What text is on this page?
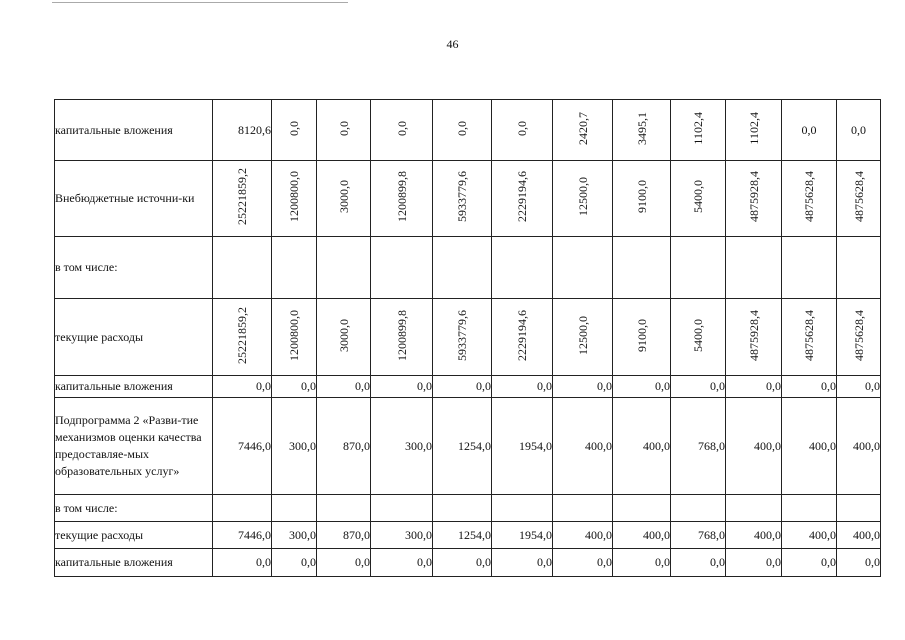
46
капитальные вложения	8120,6	0,0	0,0	0,0	0,0	0,0	2420,7	3495,1	1102,4	1102,4	0,0	0,0
Внебюджетные источни-ки	25221859,2	1200800,0	3000,0	1200899,8	5933779,6	2229194,6	12500,0	9100,0	5400,0	4875928,4	4875628,4	4875628,4
в том числе:												
текущие расходы	25221859,2	1200800,0	3000,0	1200899,8	5933779,6	2229194,6	12500,0	9100,0	5400,0	4875928,4	4875628,4	4875628,4
капитальные вложения	0,0	0,0	0,0	0,0	0,0	0,0	0,0	0,0	0,0	0,0	0,0	0,0
Подпрограмма 2 «Разви-тие механизмов оценки качества предоставляе-мых образовательных услуг»	7446,0	300,0	870,0	300,0	1254,0	1954,0	400,0	400,0	768,0	400,0	400,0	400,0
в том числе:												
текущие расходы	7446,0	300,0	870,0	300,0	1254,0	1954,0	400,0	400,0	768,0	400,0	400,0	400,0
капитальные вложения	0,0	0,0	0,0	0,0	0,0	0,0	0,0	0,0	0,0	0,0	0,0	0,0
